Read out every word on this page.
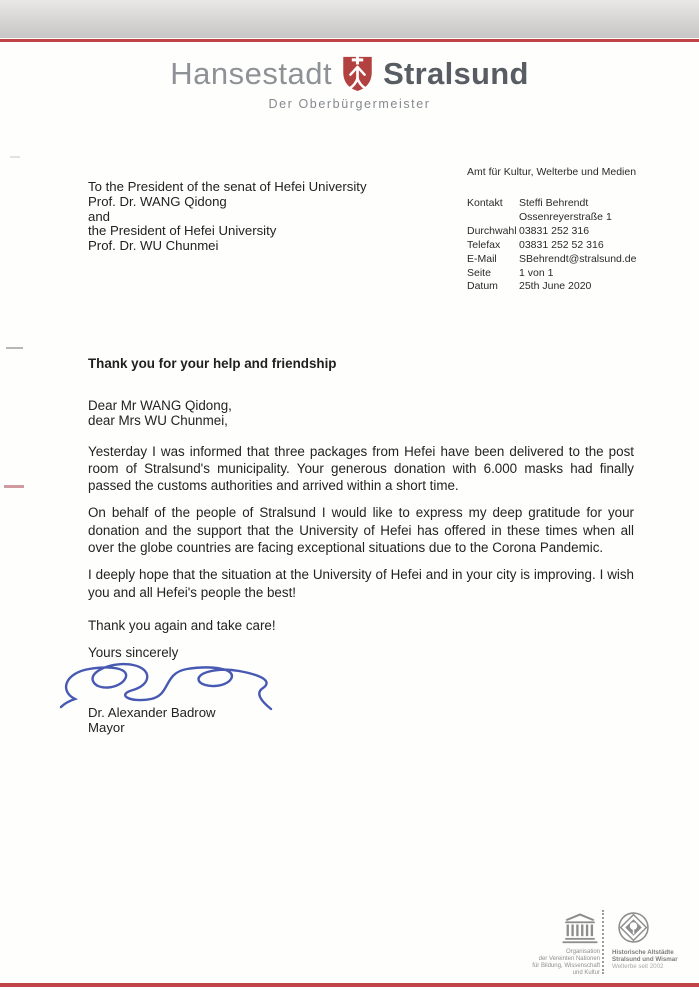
Hansestadt Stralsund
Der Oberbürgermeister
Amt für Kultur, Welterbe und Medien
To the President of the senat of Hefei University
Prof. Dr. WANG Qidong
and
the President of Hefei University
Prof. Dr. WU Chunmei
Kontakt	Steffi Behrendt
Ossenreyerstraße 1
Durchwahl 03831 252 316
Telefax	03831 252 52 316
E-Mail	SBehrendt@stralsund.de
Seite	1 von 1
Datum	25th June 2020
Thank you for your help and friendship
Dear Mr WANG Qidong,
dear Mrs WU Chunmei,

Yesterday I was informed that three packages from Hefei have been delivered to the post room of Stralsund's municipality. Your generous donation with 6.000 masks had finally passed the customs authorities and arrived within a short time.

On behalf of the people of Stralsund I would like to express my deep gratitude for your donation and the support that the University of Hefei has offered in these times when all over the globe countries are facing exceptional situations due to the Corona Pandemic.

I deeply hope that the situation at the University of Hefei and in your city is improving. I wish you and all Hefei's people the best!

Thank you again and take care!

Yours sincerely

Dr. Alexander Badrow
Mayor
Organisation
der Vereinten Nationen
für Bildung, Wissenschaft
und Kultur
Historische Altstädte
Stralsund und Wismar
Welterbe seit 2002
